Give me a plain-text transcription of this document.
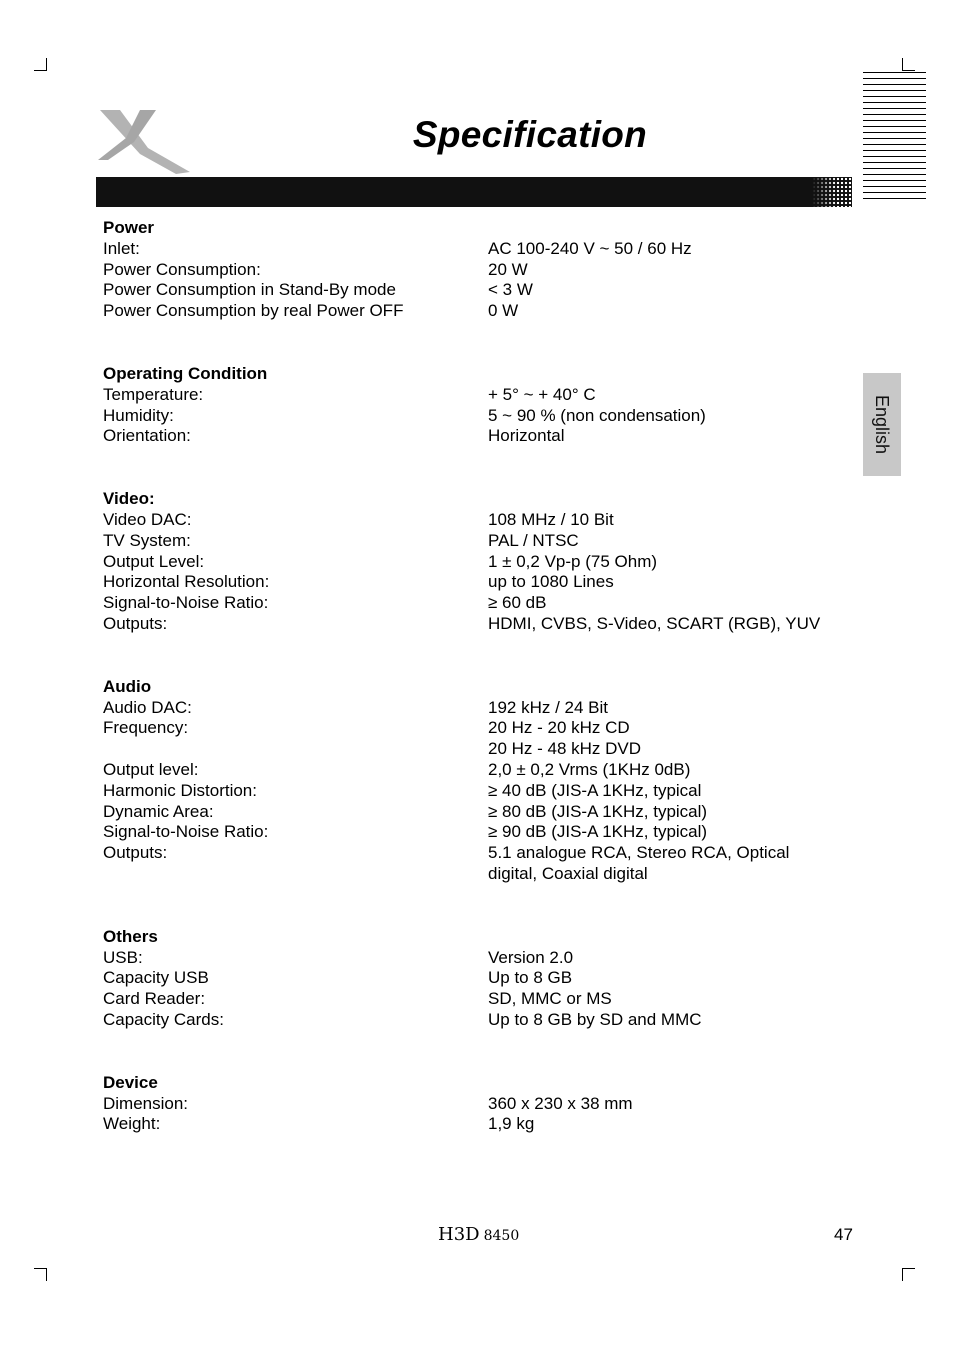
Specification
English
Power
Inlet:	AC 100-240 V ~ 50 / 60 Hz
Power Consumption:	20 W
Power Consumption in Stand-By mode	< 3 W
Power Consumption by real Power OFF	0 W
Operating Condition
Temperature:	+ 5° ~ + 40° C
Humidity:	5 ~ 90 % (non condensation)
Orientation:	Horizontal
Video:
Video DAC:	108 MHz / 10 Bit
TV System:	PAL / NTSC
Output Level:	1 ± 0,2 Vp-p (75 Ohm)
Horizontal Resolution:	up to 1080 Lines
Signal-to-Noise Ratio:	≥ 60 dB
Outputs:	HDMI, CVBS, S-Video, SCART (RGB), YUV
Audio
Audio DAC:	192 kHz / 24 Bit
Frequency:	20 Hz - 20 kHz CD
20 Hz - 48 kHz DVD
Output level:	2,0 ± 0,2 Vrms (1KHz 0dB)
Harmonic Distortion:	≥ 40 dB (JIS-A 1KHz, typical
Dynamic Area:	≥ 80 dB (JIS-A 1KHz, typical)
Signal-to-Noise Ratio:	≥ 90 dB (JIS-A 1KHz, typical)
Outputs:	5.1 analogue RCA, Stereo RCA, Optical
digital, Coaxial digital
Others
USB:	Version 2.0
Capacity USB	Up to 8 GB
Card Reader:	SD, MMC or MS
Capacity Cards:	Up to 8 GB by SD and MMC
Device
Dimension:	360 x 230 x 38 mm
Weight:	1,9 kg
H3D 8450	47
